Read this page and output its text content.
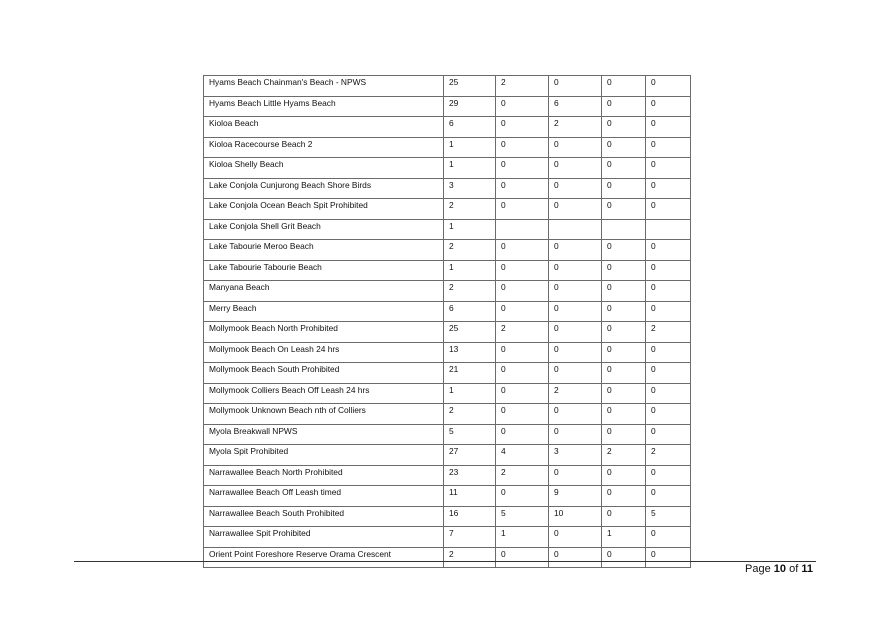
Hyams Beach Chainman's Beach - NPWS	25	2	0	0	0
Hyams Beach Little Hyams Beach	29	0	6	0	0
Kioloa Beach	6	0	2	0	0
Kioloa Racecourse Beach 2	1	0	0	0	0
Kioloa Shelly Beach	1	0	0	0	0
Lake Conjola Cunjurong Beach Shore Birds	3	0	0	0	0
Lake Conjola Ocean Beach Spit Prohibited	2	0	0	0	0
Lake Conjola Shell Grit Beach	1				
Lake Tabourie Meroo Beach	2	0	0	0	0
Lake Tabourie Tabourie Beach	1	0	0	0	0
Manyana Beach	2	0	0	0	0
Merry Beach	6	0	0	0	0
Mollymook Beach North Prohibited	25	2	0	0	2
Mollymook Beach On Leash 24 hrs	13	0	0	0	0
Mollymook Beach South Prohibited	21	0	0	0	0
Mollymook Colliers Beach Off Leash 24 hrs	1	0	2	0	0
Mollymook Unknown Beach nth of Colliers	2	0	0	0	0
Myola Breakwall NPWS	5	0	0	0	0
Myola Spit Prohibited	27	4	3	2	2
Narrawallee Beach North Prohibited	23	2	0	0	0
Narrawallee Beach Off Leash timed	11	0	9	0	0
Narrawallee Beach South Prohibited	16	5	10	0	5
Narrawallee Spit Prohibited	7	1	0	1	0
Orient Point Foreshore Reserve Orama Crescent	2	0	0	0	0
Page 10 of 11
